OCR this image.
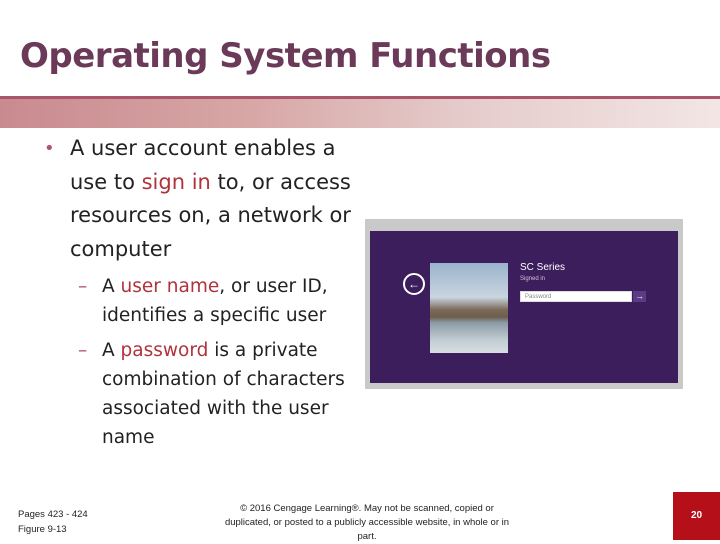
Operating System Functions
• A user account enables a use to sign in to, or access resources on, a network or computer
– A user name, or user ID, identifies a specific user
– A password is a private combination of characters associated with the user name
←
SC Series
Signed in
Password	→
Pages 423 - 424
Figure 9-13
© 2016 Cengage Learning®. May not be scanned, copied or duplicated, or posted to a publicly accessible website, in whole or in part.
20
